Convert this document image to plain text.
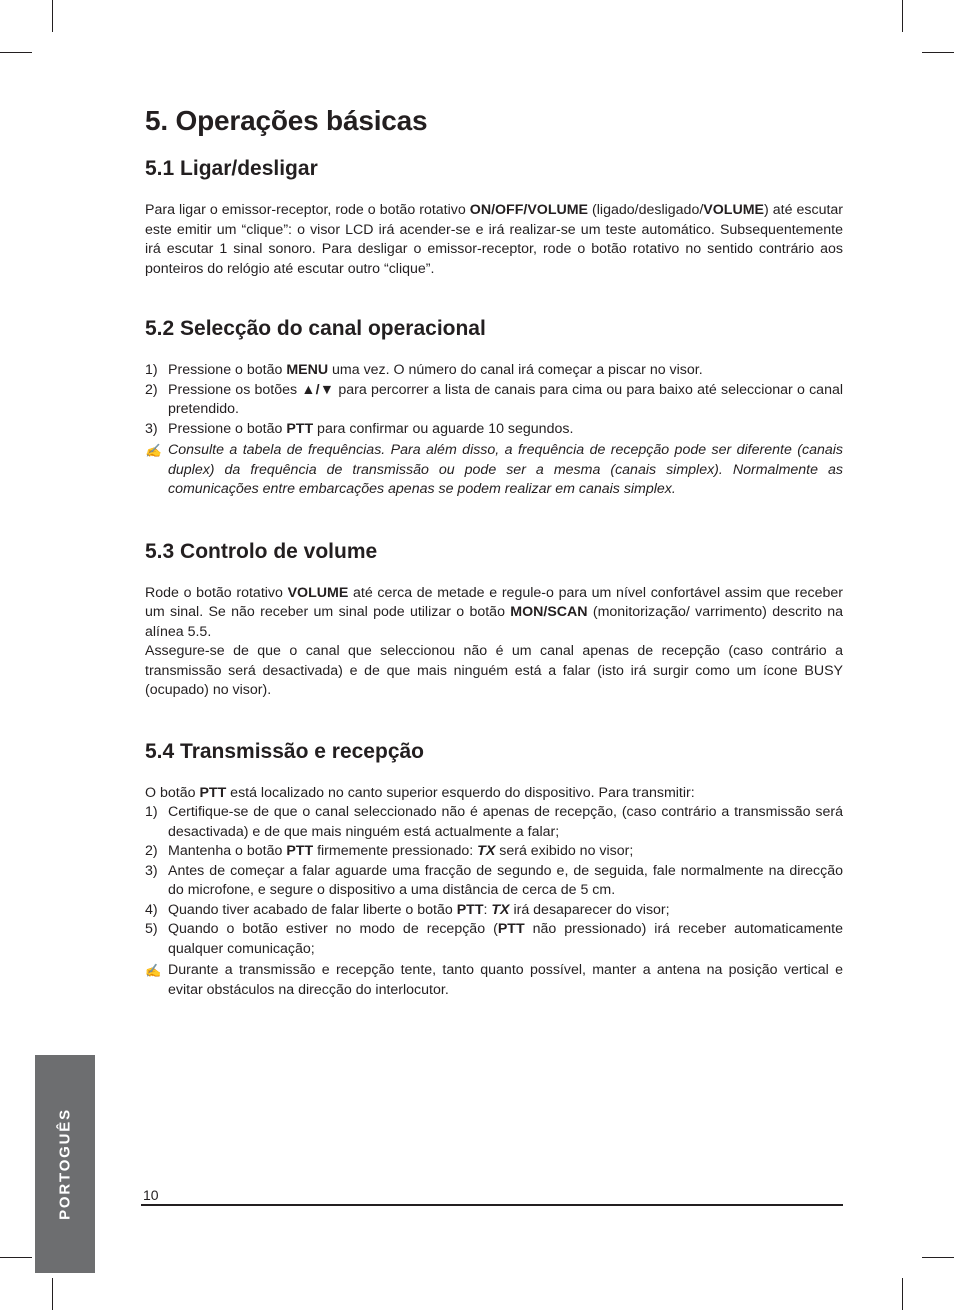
5. Operações básicas
5.1 Ligar/desligar

Para ligar o emissor-receptor, rode o botão rotativo ON/OFF/VOLUME (ligado/desligado/VOLUME) até escutar este emitir um “clique”: o visor LCD irá acender-se e irá realizar-se um teste automático. Subsequentemente irá escutar 1 sinal sonoro. Para desligar o emissor-receptor, rode o botão rotativo no sentido contrário aos ponteiros do relógio até escutar outro “clique”.

5.2 Selecção do canal operacional
1) Pressione o botão MENU uma vez. O número do canal irá começar a piscar no visor.
2) Pressione os botões ▲/▼ para percorrer a lista de canais para cima ou para baixo até seleccionar o canal pretendido.
3) Pressione o botão PTT para confirmar ou aguarde 10 segundos.
✍ Consulte a tabela de frequências. Para além disso, a frequência de recepção pode ser diferente (canais duplex) da frequência de transmissão ou pode ser a mesma (canais simplex). Normalmente as comunicações entre embarcações apenas se podem realizar em canais simplex.
5.3 Controlo de volume

Rode o botão rotativo VOLUME até cerca de metade e regule-o para um nível confortável assim que receber um sinal. Se não receber um sinal pode utilizar o botão MON/SCAN (monitorização/ varrimento) descrito na alínea 5.5.

Assegure-se de que o canal que seleccionou não é um canal apenas de recepção (caso contrário a transmissão será desactivada) e de que mais ninguém está a falar (isto irá surgir como um ícone BUSY (ocupado) no visor).

5.4 Transmissão e recepção

O botão PTT está localizado no canto superior esquerdo do dispositivo. Para transmitir:

1) Certifique-se de que o canal seleccionado não é apenas de recepção, (caso contrário a transmissão será desactivada) e de que mais ninguém está actualmente a falar;
2) Mantenha o botão PTT firmemente pressionado: TX será exibido no visor;
3) Antes de começar a falar aguarde uma fracção de segundo e, de seguida, fale normalmente na direcção do microfone, e segure o dispositivo a uma distância de cerca de 5 cm.
4) Quando tiver acabado de falar liberte o botão PTT: TX irá desaparecer do visor;
5) Quando o botão estiver no modo de recepção (PTT não pressionado) irá receber automaticamente qualquer comunicação;
✍ Durante a transmissão e recepção tente, tanto quanto possível, manter a antena na posição vertical e evitar obstáculos na direcção do interlocutor.
PORTOGUÊS	10
